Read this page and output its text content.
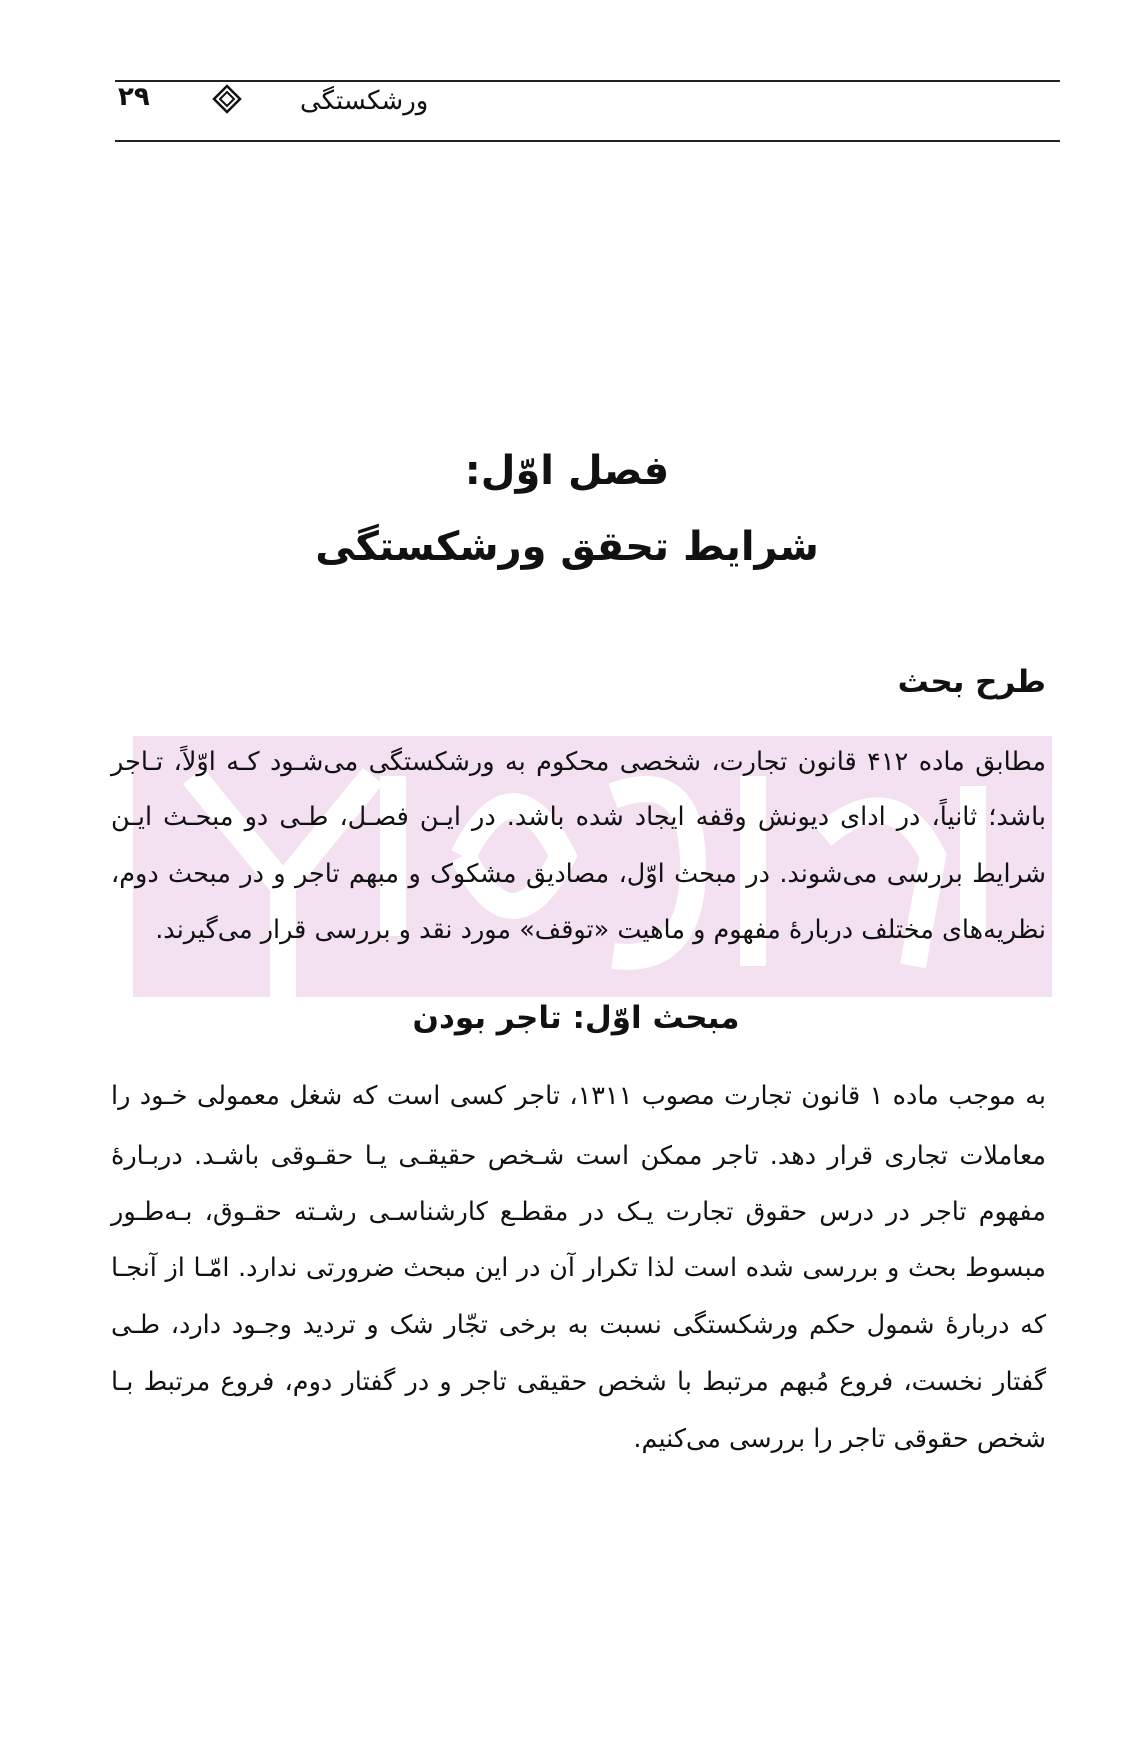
ورشکستگی
۲۹
فصل اوّل:
شرایط تحقق ورشکستگی
طرح بحث
مطابق ماده ۴۱۲ قانون تجارت، شخصی محکوم به ورشکستگی می‌شـود کـه اوّلاً، تـاجر
باشد؛ ثانیاً، در ادای دیونش وقفه ایجاد شده باشد. در ایـن فصـل، طـی دو مبحـث ایـن
شرایط بررسی می‌شوند. در مبحث اوّل، مصادیق مشکوک و مبهم تاجر و در مبحث دوم،
نظریه‌های مختلف دربارهٔ مفهوم و ماهیت «توقف» مورد نقد و بررسی قرار می‌گیرند.
مبحث اوّل: تاجر بودن
به موجب ماده ۱ قانون تجارت مصوب ۱۳۱۱، تاجر کسی است که شغل معمولی خـود را
معاملات تجاری قرار دهد. تاجر ممکن است شـخص حقیقـی یـا حقـوقی باشـد. دربـارهٔ
مفهوم تاجر در درس حقوق تجارت یـک در مقطـع کارشناسـی رشـته حقـوق، بـه‌طـور
مبسوط بحث و بررسی شده است لذا تکرار آن در این مبحث ضرورتی ندارد. امّـا از آنجـا
که دربارهٔ شمول حکم ورشکستگی نسبت به برخی تجّار شک و تردید وجـود دارد، طـی
گفتار نخست، فروع مُبهم مرتبط با شخص حقیقی تاجر و در گفتار دوم، فروع مرتبط بـا
شخص حقوقی تاجر را بررسی می‌کنیم.
